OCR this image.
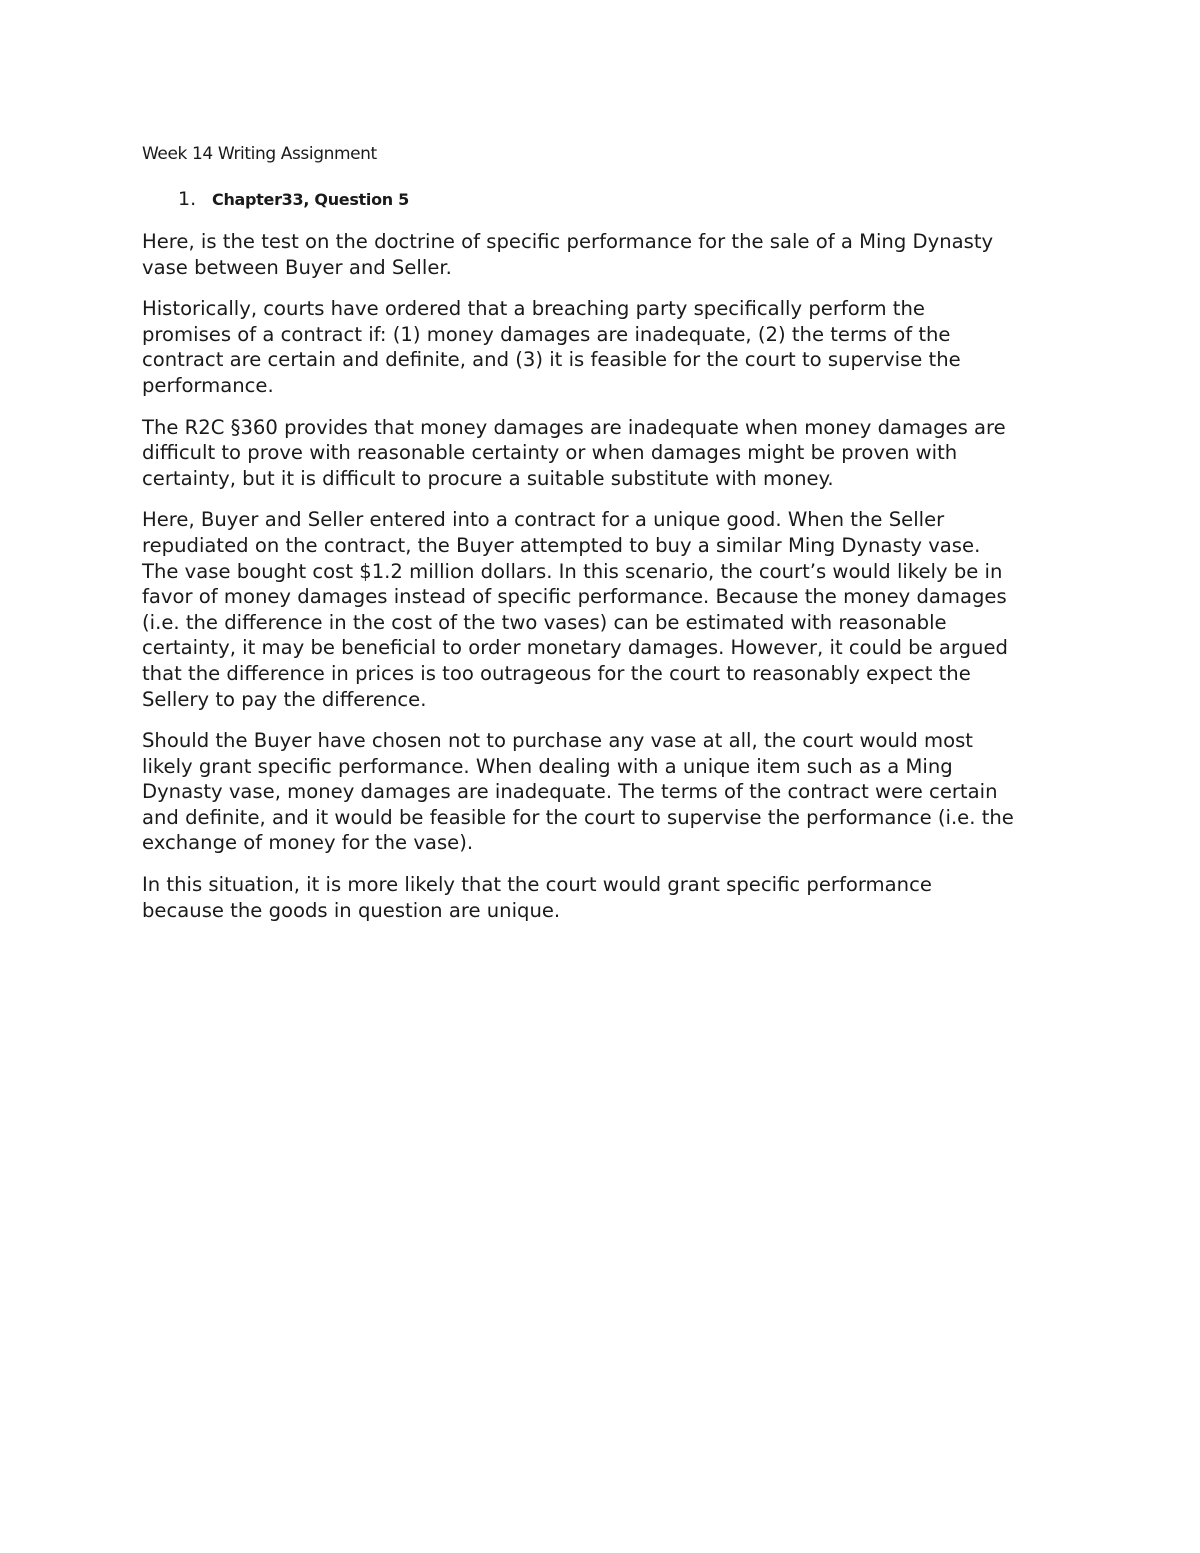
Week 14 Writing Assignment
1. Chapter33, Question 5

Here, is the test on the doctrine of specific performance for the sale of a Ming Dynasty
vase between Buyer and Seller.

Historically, courts have ordered that a breaching party specifically perform the
promises of a contract if: (1) money damages are inadequate, (2) the terms of the
contract are certain and definite, and (3) it is feasible for the court to supervise the
performance.

The R2C §360 provides that money damages are inadequate when money damages are
difficult to prove with reasonable certainty or when damages might be proven with
certainty, but it is difficult to procure a suitable substitute with money.

Here, Buyer and Seller entered into a contract for a unique good. When the Seller
repudiated on the contract, the Buyer attempted to buy a similar Ming Dynasty vase.
The vase bought cost $1.2 million dollars. In this scenario, the court’s would likely be in
favor of money damages instead of specific performance. Because the money damages
(i.e. the difference in the cost of the two vases) can be estimated with reasonable
certainty, it may be beneficial to order monetary damages. However, it could be argued
that the difference in prices is too outrageous for the court to reasonably expect the
Sellery to pay the difference.

Should the Buyer have chosen not to purchase any vase at all, the court would most
likely grant specific performance. When dealing with a unique item such as a Ming
Dynasty vase, money damages are inadequate. The terms of the contract were certain
and definite, and it would be feasible for the court to supervise the performance (i.e. the
exchange of money for the vase).

In this situation, it is more likely that the court would grant specific performance
because the goods in question are unique.
